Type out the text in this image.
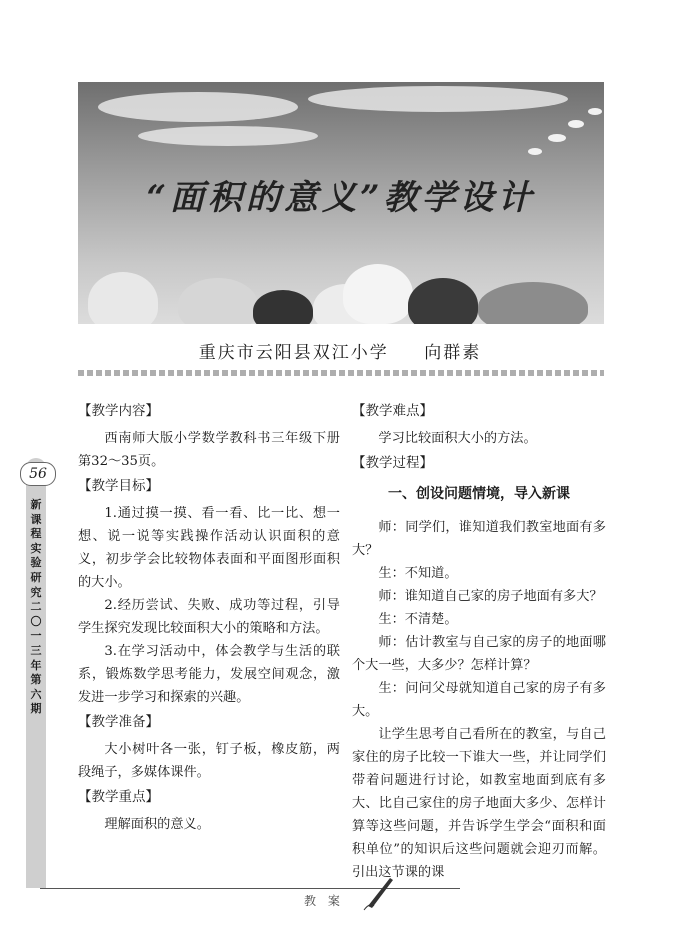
“面积的意义”教学设计
重庆市云阳县双江小学 向群素
56
新课程实验研究 二〇一三年 第六期
【教学内容】

西南师大版小学数学教科书三年级下册第32～35页。

【教学目标】

1.通过摸一摸、看一看、比一比、想一想、说一说等实践操作活动认识面积的意义，初步学会比较物体表面和平面图形面积的大小。

2.经历尝试、失败、成功等过程，引导学生探究发现比较面积大小的策略和方法。

3.在学习活动中，体会教学与生活的联系，锻炼数学思考能力，发展空间观念，激发进一步学习和探索的兴趣。

【教学准备】

大小树叶各一张，钉子板，橡皮筋，两段绳子，多媒体课件。

【教学重点】

理解面积的意义。

【教学难点】

学习比较面积大小的方法。

【教学过程】
一、创设问题情境，导入新课

师：同学们，谁知道我们教室地面有多大？

生：不知道。

师：谁知道自己家的房子地面有多大？

生：不清楚。

师：估计教室与自己家的房子的地面哪个大一些，大多少？怎样计算？

生：问问父母就知道自己家的房子有多大。

让学生思考自己看所在的教室，与自己家住的房子比较一下谁大一些，并让同学们带着问题进行讨论，如教室地面到底有多大、比自己家住的房子地面大多少、怎样计算等这些问题，并告诉学生学会“面积和面积单位”的知识后这些问题就会迎刃而解。引出这节课的课

教 案
